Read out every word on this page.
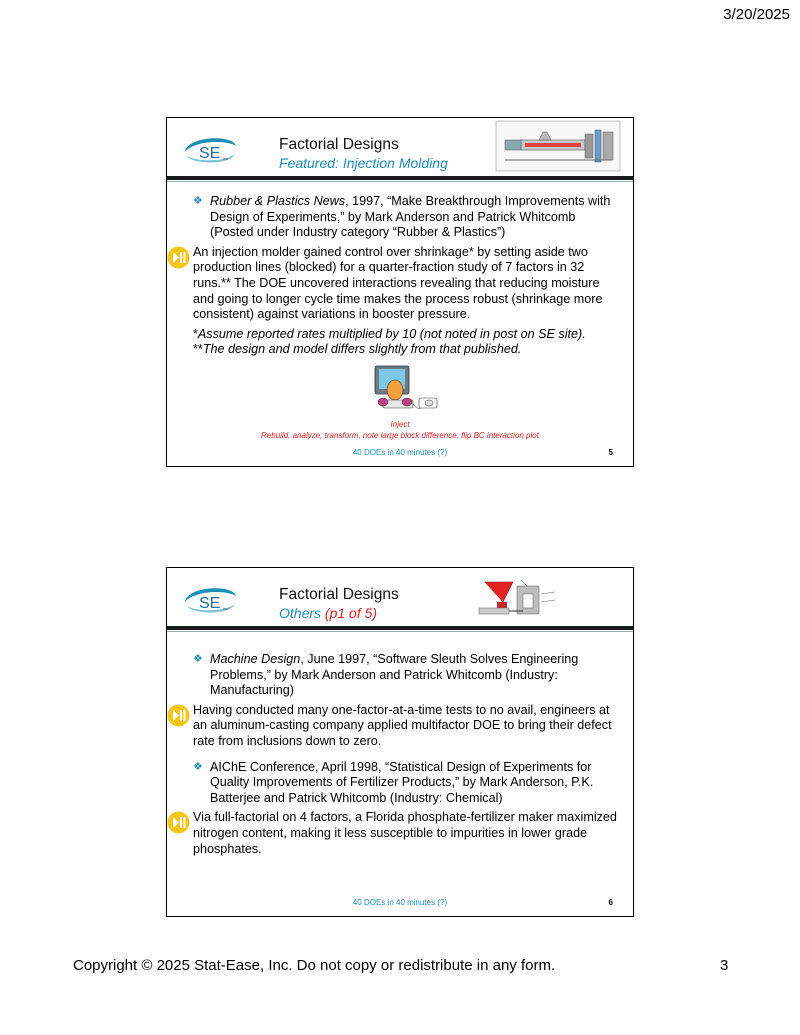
3/20/2025
SE inc
Factorial Designs
Featured: Injection Molding
❖ Rubber & Plastics News, 1997, “Make Breakthrough Improvements with Design of Experiments,” by Mark Anderson and Patrick Whitcomb (Posted under Industry category “Rubber & Plastics”)
An injection molder gained control over shrinkage* by setting aside two production lines (blocked) for a quarter-fraction study of 7 factors in 32 runs.** The DOE uncovered interactions revealing that reducing moisture and going to longer cycle time makes the process robust (shrinkage more consistent) against variations in booster pressure.

*Assume reported rates multiplied by 10 (not noted in post on SE site).

**The design and model differs slightly from that published.

Inject
Rebuild, analyze, transform, note large block difference, flip BC interaction plot
40 DOEs in 40 minutes (?)	5
SE inc
Factorial Designs
Others (p1 of 5)
❖ Machine Design, June 1997, “Software Sleuth Solves Engineering Problems,” by Mark Anderson and Patrick Whitcomb (Industry: Manufacturing)
Having conducted many one-factor-at-a-time tests to no avail, engineers at an aluminum-casting company applied multifactor DOE to bring their defect rate from inclusions down to zero.
❖ AIChE Conference, April 1998, “Statistical Design of Experiments for Quality Improvements of Fertilizer Products,” by Mark Anderson, P.K. Batterjee and Patrick Whitcomb (Industry: Chemical)
Via full-factorial on 4 factors, a Florida phosphate-fertilizer maker maximized nitrogen content, making it less susceptible to impurities in lower grade phosphates.
40 DOEs in 40 minutes (?)	6
Copyright © 2025 Stat-Ease, Inc. Do not copy or redistribute in any form.	3
